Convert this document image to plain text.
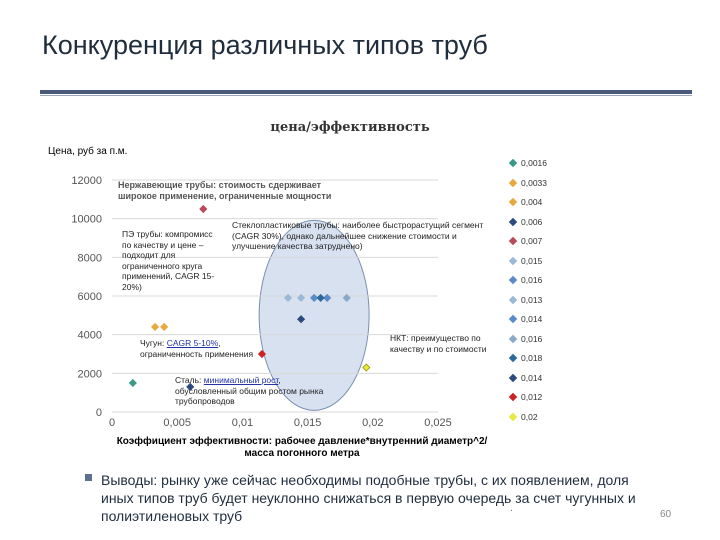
Конкуренция различных типов труб
цена/эффективность
Цена, руб за п.м.
0
2000
4000
6000
8000
10000
12000
0	0,005	0,01	0,015	0,02	0,025
Нержавеющие трубы: стоимость сдерживает широкое применение, ограниченные мощности
ПЭ трубы: компромисс по качеству и цене – подходит для ограниченного круга применений, CAGR 15-20%)
Стеклопластиковые трубы: наиболее быстрорастущий сегмент (CAGR 30%), однако дальнейшее снижение стоимости и улучшение качества затруднено)
Чугун: CAGR 5-10%, ограниченность применения
НКТ: преимущество по качеству и по стоимости
Сталь: минимальный рост, обусловленный общим ростом рынка трубопроводов
Коэффициент эффективности: рабочее давление*внутренний диаметр^2/масса погонного метра
0,0016
0,0033
0,004
0,006
0,007
0,015
0,016
0,013
0,014
0,016
0,018
0,014
0,012
0,02
Выводы: рынку уже сейчас необходимы подобные трубы, с их появлением, доля иных типов труб будет неуклонно снижаться в первую очередь за счет чугунных и полиэтиленовых труб	.
60
